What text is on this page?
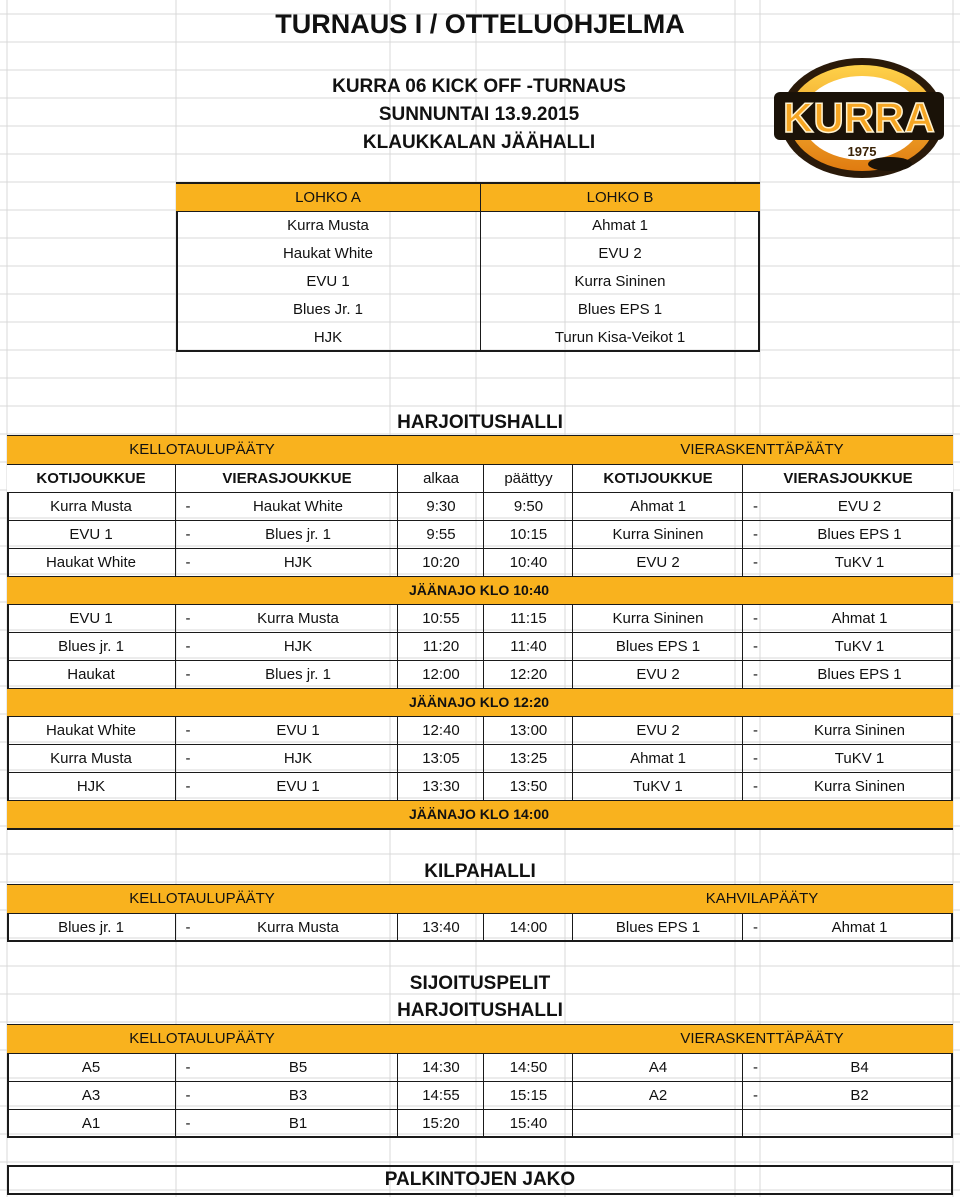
TURNAUS I / OTTELUOHJELMA
KURRA 06 KICK OFF -TURNAUS
SUNNUNTAI 13.9.2015
KLAUKKALAN JÄÄHALLI
KURRA
1975
LOHKO A	LOHKO B
Kurra Musta	Ahmat 1
Haukat White	EVU 2
EVU 1	Kurra Sininen
Blues Jr. 1	Blues EPS 1
HJK	Turun Kisa-Veikot 1
HARJOITUSHALLI
KELLOTAULUPÄÄTY	VIERASKENTTÄPÄÄTY
KOTIJOUKKUE	VIERASJOUKKUE	alkaa	päättyy	KOTIJOUKKUE	VIERASJOUKKUE
Kurra Musta	-	Haukat White	9:30	9:50	Ahmat 1	-	EVU 2
EVU 1	-	Blues jr. 1	9:55	10:15	Kurra Sininen	-	Blues EPS 1
Haukat White	-	HJK	10:20	10:40	EVU 2	-	TuKV 1
JÄÄNAJO KLO 10:40
EVU 1	-	Kurra Musta	10:55	11:15	Kurra Sininen	-	Ahmat 1
Blues jr. 1	-	HJK	11:20	11:40	Blues EPS 1	-	TuKV 1
Haukat	-	Blues jr. 1	12:00	12:20	EVU 2	-	Blues EPS 1
JÄÄNAJO KLO 12:20
Haukat White	-	EVU 1	12:40	13:00	EVU 2	-	Kurra Sininen
Kurra Musta	-	HJK	13:05	13:25	Ahmat 1	-	TuKV 1
HJK	-	EVU 1	13:30	13:50	TuKV 1	-	Kurra Sininen
JÄÄNAJO KLO 14:00
KILPAHALLI
KELLOTAULUPÄÄTY	KAHVILAPÄÄTY
Blues jr. 1	-	Kurra Musta	13:40	14:00	Blues EPS 1	-	Ahmat 1
SIJOITUSPELIT
HARJOITUSHALLI
KELLOTAULUPÄÄTY	VIERASKENTTÄPÄÄTY
A5	-	B5	14:30	14:50	A4	-	B4
A3	-	B3	14:55	15:15	A2	-	B2
A1	-	B1	15:20	15:40
PALKINTOJEN JAKO
